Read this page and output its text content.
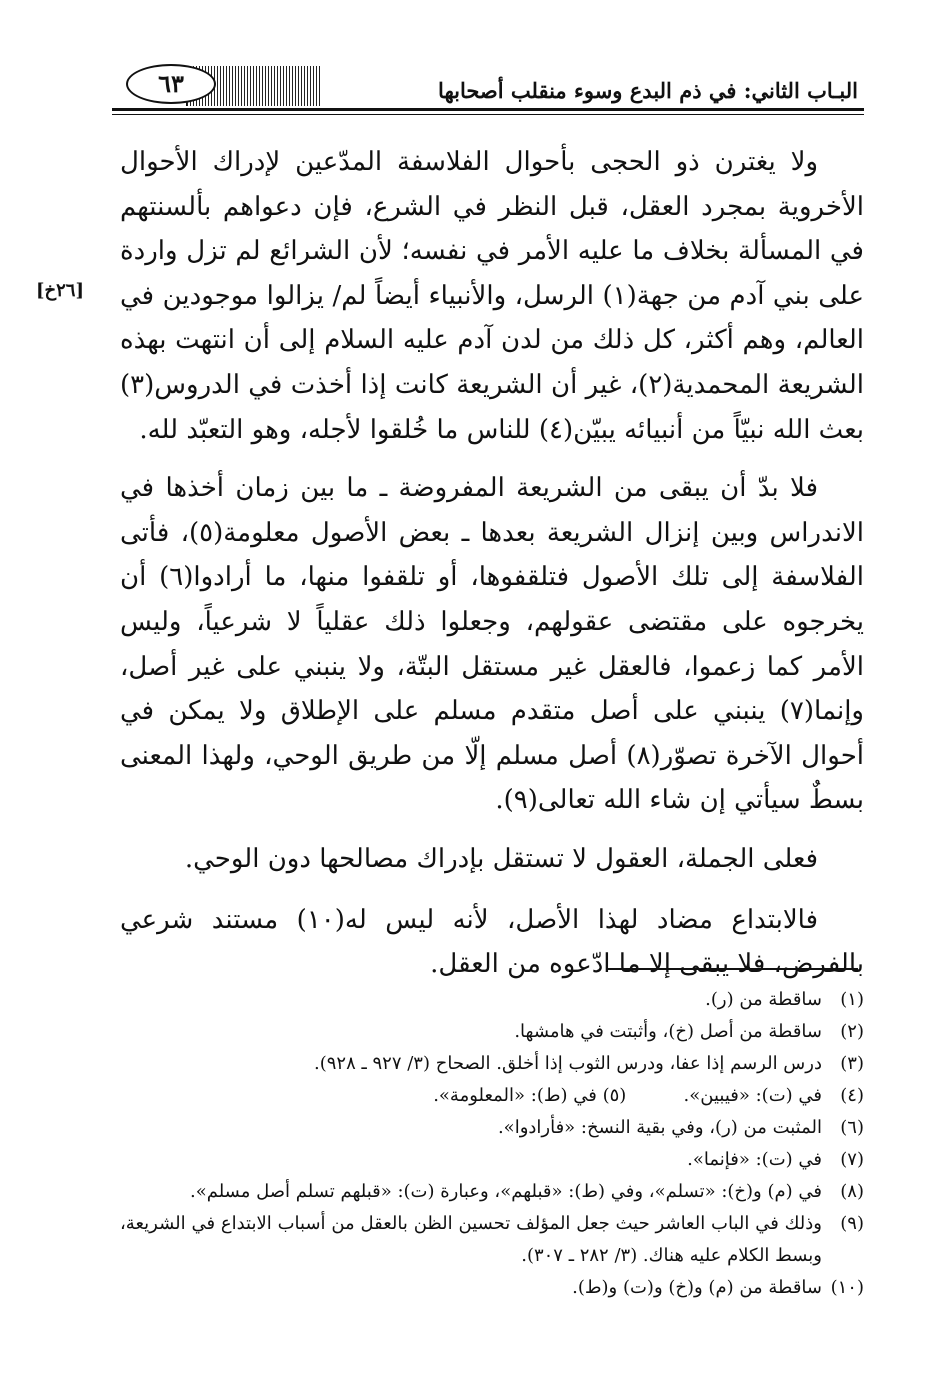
البـاب الثاني: في ذم البدع وسوء منقلب أصحابها
٦٣
[٢٦خ]

ولا يغترن ذو الحجى بأحوال الفلاسفة المدّعين لإدراك الأحوال الأخروية بمجرد العقل، قبل النظر في الشرع، فإن دعواهم بألسنتهم في المسألة بخلاف ما عليه الأمر في نفسه؛ لأن الشرائع لم تزل واردة على بني آدم من جهة(١) الرسل، والأنبياء أيضاً لم/ يزالوا موجودين في العالم، وهم أكثر، كل ذلك من لدن آدم عليه السلام إلى أن انتهت بهذه الشريعة المحمدية(٢)، غير أن الشريعة كانت إذا أخذت في الدروس(٣) بعث الله نبيّاً من أنبيائه يبيّن(٤) للناس ما خُلقوا لأجله، وهو التعبّد لله.

فلا بدّ أن يبقى من الشريعة المفروضة ـ ما بين زمان أخذها في الاندراس وبين إنزال الشريعة بعدها ـ بعض الأصول معلومة(٥)، فأتى الفلاسفة إلى تلك الأصول فتلقفوها، أو تلقفوا منها، ما أرادوا(٦) أن يخرجوه على مقتضى عقولهم، وجعلوا ذلك عقلياً لا شرعياً، وليس الأمر كما زعموا، فالعقل غير مستقل البتّة، ولا ينبني على غير أصل، وإنما(٧) ينبني على أصل متقدم مسلم على الإطلاق ولا يمكن في أحوال الآخرة تصوّر(٨) أصل مسلم إلّا من طريق الوحي، ولهذا المعنى بسطٌ سيأتي إن شاء الله تعالى(٩).

فعلى الجملة، العقول لا تستقل بإدراك مصالحها دون الوحي.

فالابتداع مضاد لهذا الأصل، لأنه ليس له(١٠) مستند شرعي بالفرض، فلا يبقى إلا ما ادّعوه من العقل.

(١)
ساقطة من (ر).
(٢)
ساقطة من أصل (خ)، وأثبتت في هامشها.
(٣)
درس الرسم إذا عفا، ودرس الثوب إذا أخلق. الصحاح (٣/ ٩٢٧ ـ ٩٢٨).
(٤)
في (ت): «فيبين».          (٥) في (ط): «المعلومة».
(٦)
المثبت من (ر)، وفي بقية النسخ: «فأرادوا».
(٧)
في (ت): «فإنما».
(٨)
في (م) و(خ): «تسلم»، وفي (ط): «قبلهم»، وعبارة (ت): «قبلهم تسلم أصل مسلم».
(٩)
وذلك في الباب العاشر حيث جعل المؤلف تحسين الظن بالعقل من أسباب الابتداع في الشريعة، وبسط الكلام عليه هناك. (٣/ ٢٨٢ ـ ٣٠٧).
(١٠)
ساقطة من (م) و(خ) و(ت) و(ط).
